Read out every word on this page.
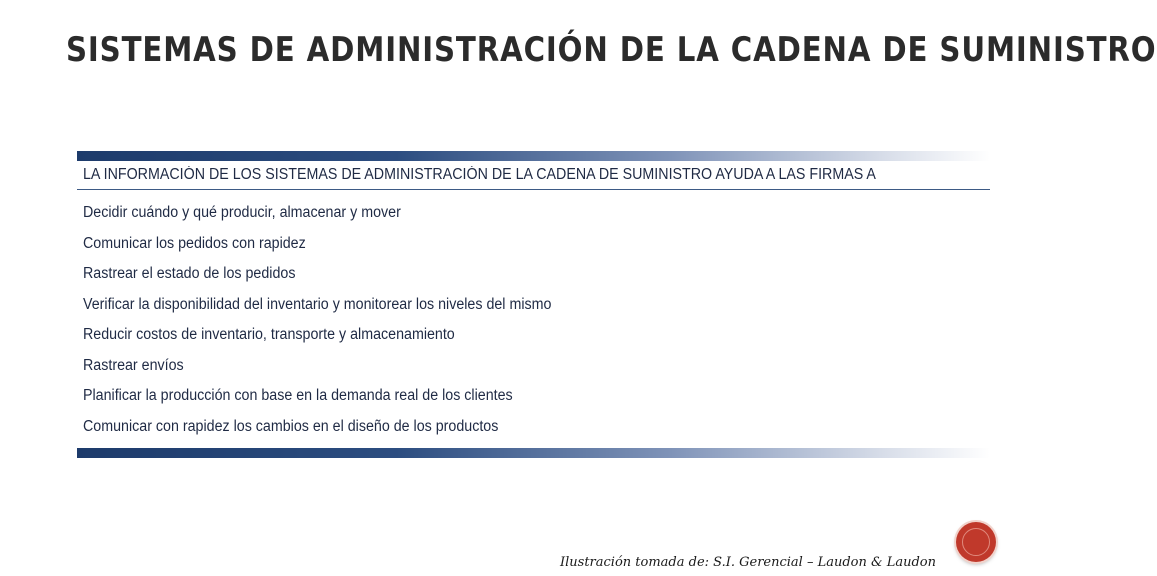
SISTEMAS DE ADMINISTRACIÓN DE LA CADENA DE SUMINISTRO
LA INFORMACIÓN DE LOS SISTEMAS DE ADMINISTRACIÓN DE LA CADENA DE SUMINISTRO AYUDA A LAS FIRMAS A
Decidir cuándo y qué producir, almacenar y mover
Comunicar los pedidos con rapidez
Rastrear el estado de los pedidos
Verificar la disponibilidad del inventario y monitorear los niveles del mismo
Reducir costos de inventario, transporte y almacenamiento
Rastrear envíos
Planificar la producción con base en la demanda real de los clientes
Comunicar con rapidez los cambios en el diseño de los productos
Ilustración tomada de: S.I. Gerencial – Laudon & Laudon
